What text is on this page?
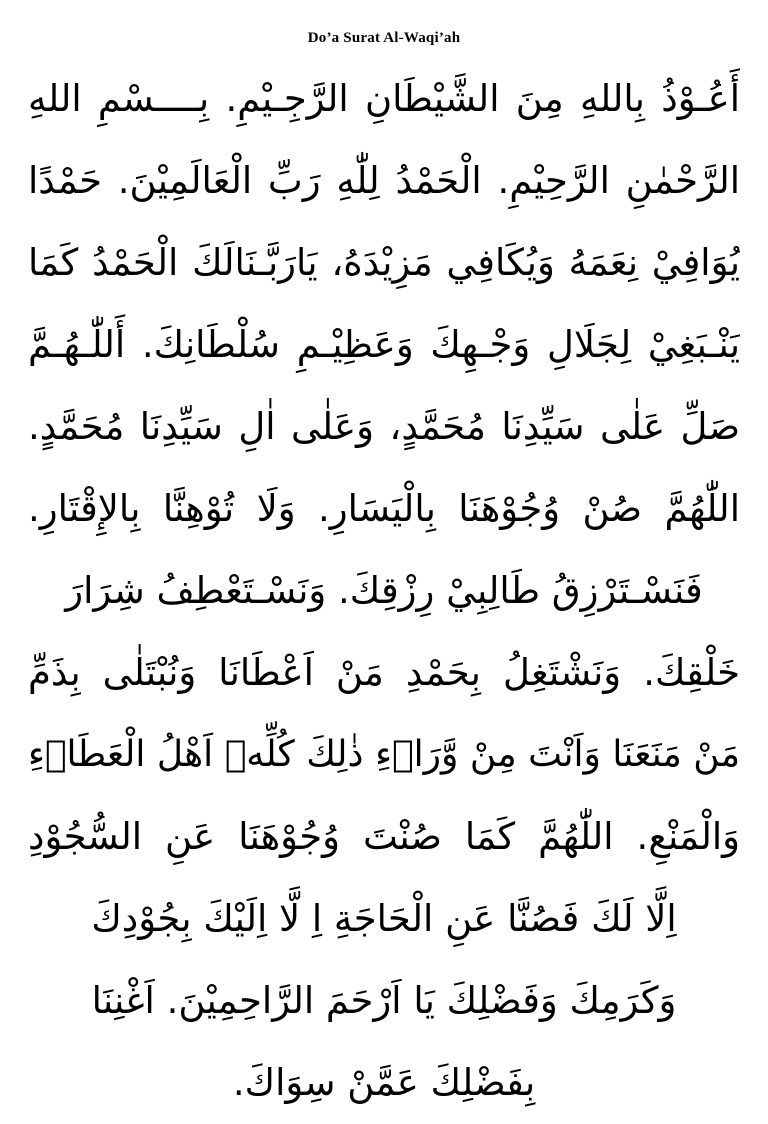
Do’a Surat Al-Waqi’ah
أَعُـوْذُ بِاللهِ مِنَ الشَّيْطَانِ الرَّجِـيْمِ. بِــــسْمِ اللهِ
الرَّحْمٰنِ الرَّحِيْمِ. الْحَمْدُ لِلّٰهِ رَبِّ الْعَالَمِيْنَ. حَمْدًا
يُوَافِيْ نِعَمَهُ وَيُكَافِي مَزِيْدَهُ، يَارَبَّـنَالَكَ الْحَمْدُ كَمَا
يَنْـبَغِيْ لِجَلَالِ وَجْـهِكَ وَعَظِيْـمِ سُلْطَانِكَ. أَللّٰـهُـمَّ
صَلِّ عَلٰى سَيِّدِنَا مُحَمَّدٍ، وَعَلٰى اٰلِ سَيِّدِنَا مُحَمَّدٍ.
اللّٰهُمَّ صُنْ وُجُوْهَنَا بِالْيَسَارِ. وَلَا تُوْهِنَّا بِالإِقْتَارِ.
فَنَسْـتَرْزِقُ طَالِبِيْ رِزْقِكَ. وَنَسْـتَعْطِفُ شِرَارَ
خَلْقِكَ. وَنَشْتَغِلُ بِحَمْدِ مَنْ اَعْطَانَا وَنُبْتَلٰى بِذَمِّ
مَنْ مَنَعَنَا وَاَنْتَ مِنْ وَّرَاۤءِ ذٰلِكَ كُلِّهٖ اَهْلُ الْعَطَاۤءِ
وَالْمَنْعِ. اللّٰهُمَّ كَمَا صُنْتَ وُجُوْهَنَا عَنِ السُّجُوْدِ
اِلَّا لَكَ فَصُنَّا عَنِ الْحَاجَةِ اِ لَّا اِلَيْكَ بِجُوْدِكَ
وَكَرَمِكَ وَفَضْلِكَ يَا اَرْحَمَ الرَّاحِمِيْنَ. اَغْنِنَا
بِفَضْلِكَ عَمَّنْ سِوَاكَ.
